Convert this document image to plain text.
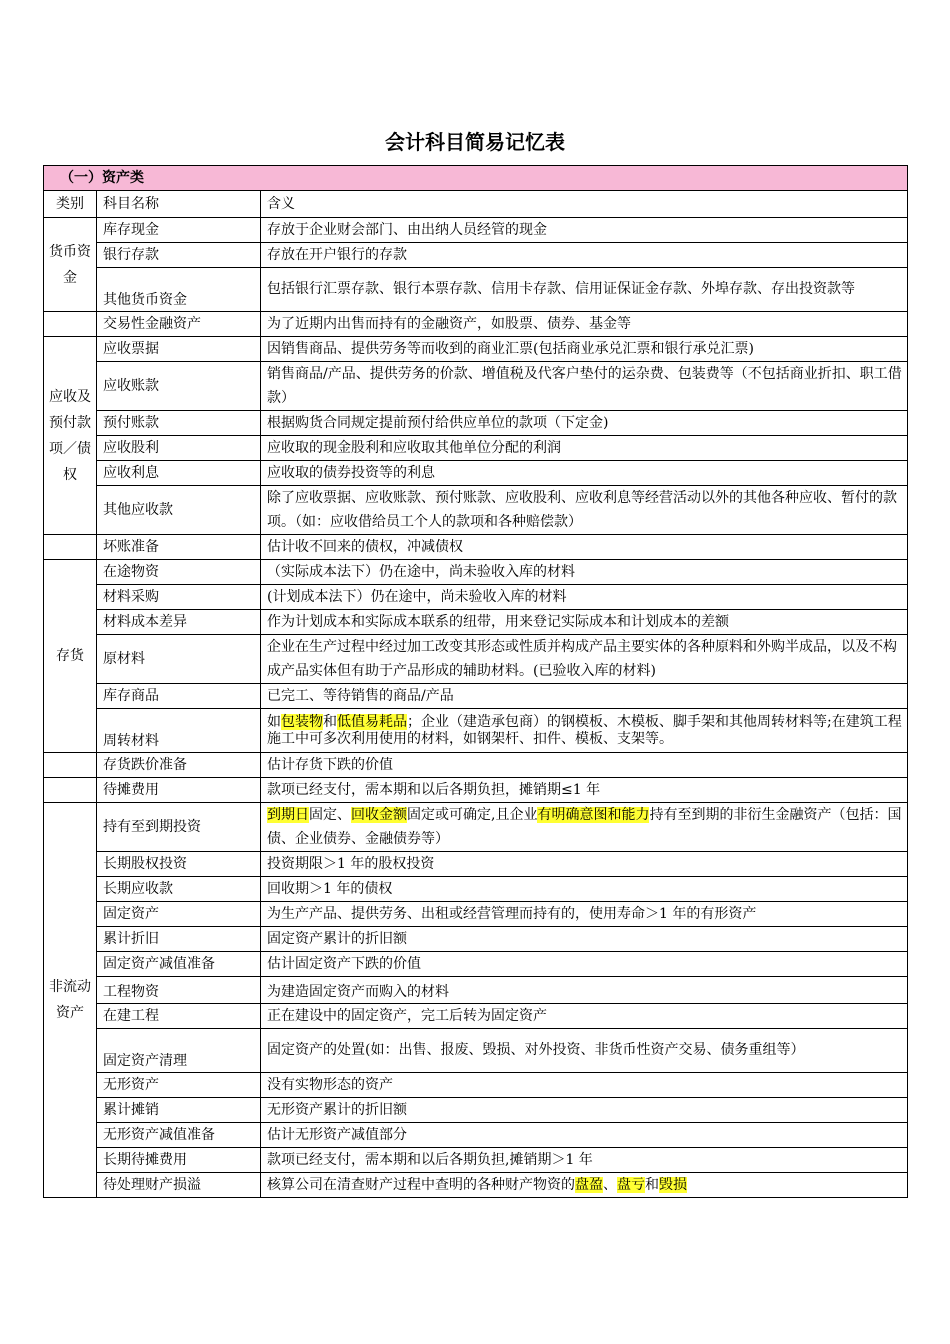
会计科目简易记忆表
（一）资产类		
类别	科目名称	含义
货币资金	库存现金	存放于企业财会部门、由出纳人员经管的现金
	银行存款	存放在开户银行的存款
	其他货币资金	包括银行汇票存款、银行本票存款、信用卡存款、信用证保证金存款、外埠存款、存出投资款等
	交易性金融资产	为了近期内出售而持有的金融资产，如股票、债券、基金等
应收及预付款项／债权	应收票据	因销售商品、提供劳务等而收到的商业汇票(包括商业承兑汇票和银行承兑汇票)
	应收账款	销售商品/产品、提供劳务的价款、增值税及代客户垫付的运杂费、包装费等（不包括商业折扣、职工借款）
	预付账款	根据购货合同规定提前预付给供应单位的款项（下定金)
	应收股利	应收取的现金股利和应收取其他单位分配的利润
	应收利息	应收取的债券投资等的利息
	其他应收款	除了应收票据、应收账款、预付账款、应收股利、应收利息等经营活动以外的其他各种应收、暂付的款项。（如：应收借给员工个人的款项和各种赔偿款）
	坏账准备	估计收不回来的债权，冲减债权
存货	在途物资	（实际成本法下）仍在途中，尚未验收入库的材料
	材料采购	(计划成本法下）仍在途中，尚未验收入库的材料
	材料成本差异	作为计划成本和实际成本联系的纽带，用来登记实际成本和计划成本的差额
	原材料	企业在生产过程中经过加工改变其形态或性质并构成产品主要实体的各种原料和外购半成品，以及不构成产品实体但有助于产品形成的辅助材料。(已验收入库的材料)
	库存商品	已完工、等待销售的商品/产品
	周转材料	如包装物和低值易耗品；企业（建造承包商）的钢模板、木模板、脚手架和其他周转材料等;在建筑工程施工中可多次利用使用的材料，如钢架杆、扣件、模板、支架等。
	存货跌价准备	估计存货下跌的价值
	待摊费用	款项已经支付，需本期和以后各期负担，摊销期≤1 年
非流动资产	持有至到期投资	到期日固定、回收金额固定或可确定,且企业有明确意图和能力持有至到期的非衍生金融资产（包括：国债、企业债券、金融债券等）
	长期股权投资	投资期限＞1 年的股权投资
	长期应收款	回收期＞1 年的债权
	固定资产	为生产产品、提供劳务、出租或经营管理而持有的，使用寿命＞1 年的有形资产
	累计折旧	固定资产累计的折旧额
	固定资产减值准备	估计固定资产下跌的价值
	工程物资	为建造固定资产而购入的材料
	在建工程	正在建设中的固定资产，完工后转为固定资产
	固定资产清理	固定资产的处置(如：出售、报废、毁损、对外投资、非货币性资产交易、债务重组等）
	无形资产	没有实物形态的资产
	累计摊销	无形资产累计的折旧额
	无形资产减值准备	估计无形资产减值部分
	长期待摊费用	款项已经支付，需本期和以后各期负担,摊销期＞1 年
	待处理财产损溢	核算公司在清查财产过程中查明的各种财产物资的盘盈、盘亏和毁损
